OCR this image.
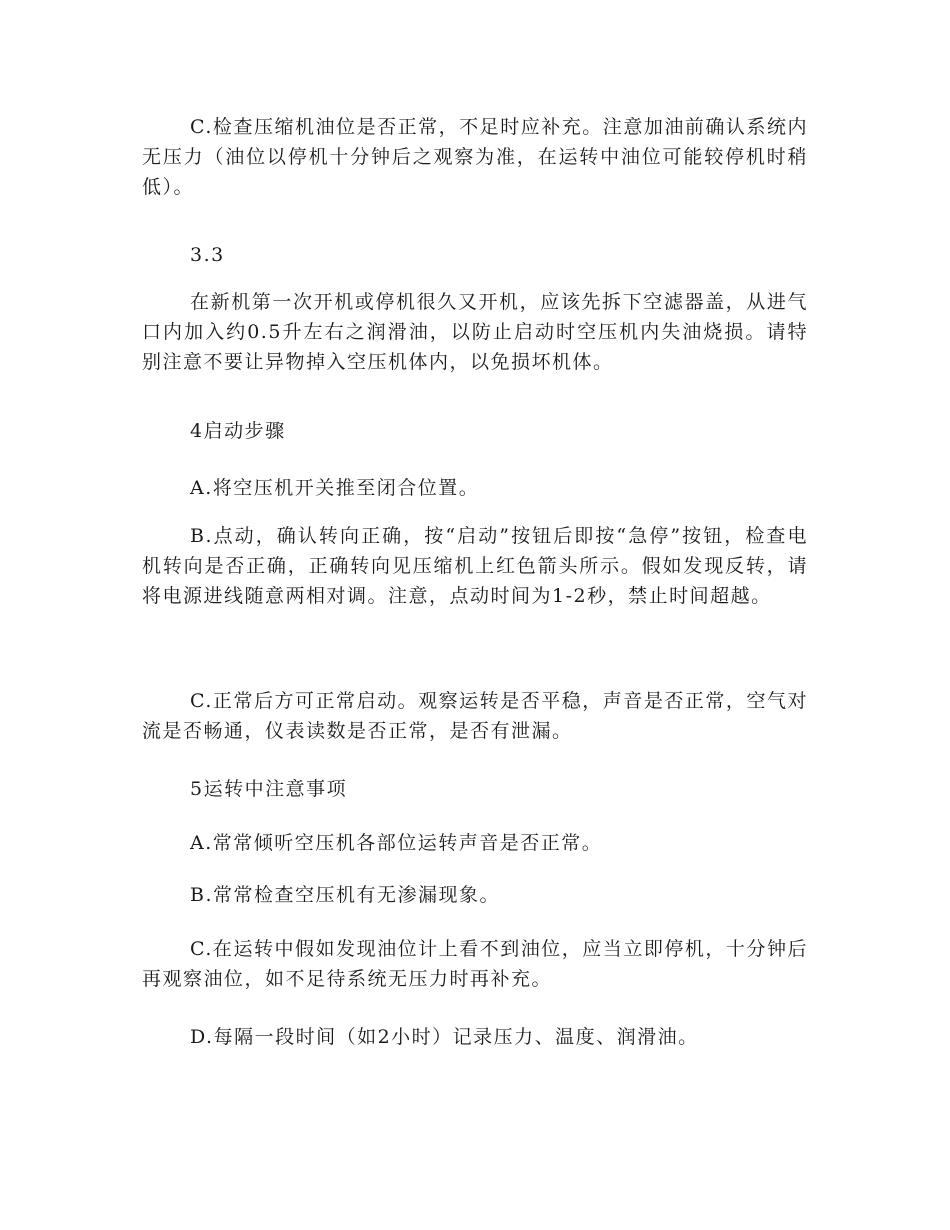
C.检查压缩机油位是否正常，不足时应补充。注意加油前确认系统内无压力（油位以停机十分钟后之观察为准，在运转中油位可能较停机时稍低）。

3.3

在新机第一次开机或停机很久又开机，应该先拆下空滤器盖，从进气口内加入约0.5升左右之润滑油，以防止启动时空压机内失油烧损。请特别注意不要让异物掉入空压机体内，以免损坏机体。

4启动步骤

A.将空压机开关推至闭合位置。

B.点动，确认转向正确，按“启动”按钮后即按“急停”按钮，检查电机转向是否正确，正确转向见压缩机上红色箭头所示。假如发现反转，请将电源进线随意两相对调。注意，点动时间为1-2秒，禁止时间超越。

C.正常后方可正常启动。观察运转是否平稳，声音是否正常，空气对流是否畅通，仪表读数是否正常，是否有泄漏。

5运转中注意事项

A.常常倾听空压机各部位运转声音是否正常。

B.常常检查空压机有无渗漏现象。

C.在运转中假如发现油位计上看不到油位，应当立即停机，十分钟后再观察油位，如不足待系统无压力时再补充。

D.每隔一段时间（如2小时）记录压力、温度、润滑油。
